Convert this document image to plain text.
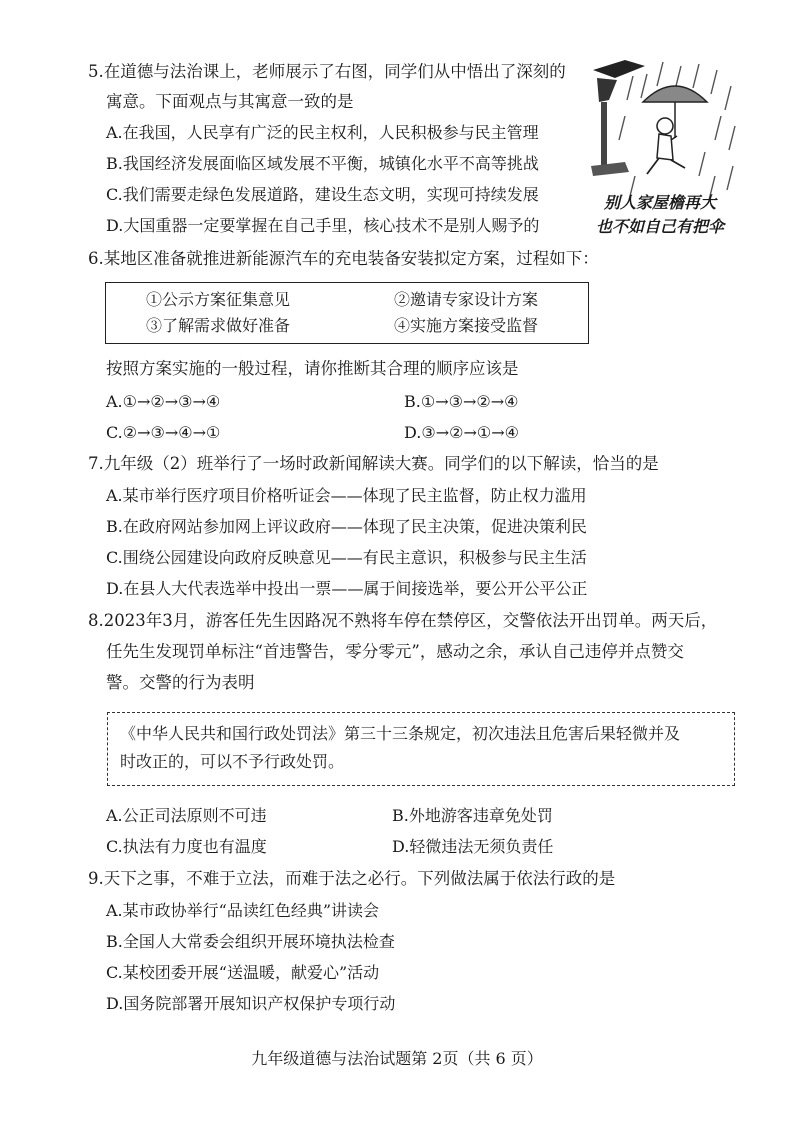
5.在道德与法治课上，老师展示了右图，同学们从中悟出了深刻的
寓意。下面观点与其寓意一致的是
A.在我国，人民享有广泛的民主权利，人民积极参与民主管理
B.我国经济发展面临区域发展不平衡，城镇化水平不高等挑战
C.我们需要走绿色发展道路，建设生态文明，实现可持续发展
D.大国重器一定要掌握在自己手里，核心技术不是别人赐予的
别人家屋檐再大
也不如自己有把伞
6.某地区准备就推进新能源汽车的充电装备安装拟定方案，过程如下：
①公示方案征集意见	②邀请专家设计方案
③了解需求做好准备	④实施方案接受监督
按照方案实施的一般过程，请你推断其合理的顺序应该是
A.①→②→③→④	B.①→③→②→④
C.②→③→④→①	D.③→②→①→④
7.九年级（2）班举行了一场时政新闻解读大赛。同学们的以下解读，恰当的是
A.某市举行医疗项目价格听证会——体现了民主监督，防止权力滥用
B.在政府网站参加网上评议政府——体现了民主决策，促进决策利民
C.围绕公园建设向政府反映意见——有民主意识，积极参与民主生活
D.在县人大代表选举中投出一票——属于间接选举，要公开公平公正
8.2023年3月，游客任先生因路况不熟将车停在禁停区，交警依法开出罚单。两天后，
任先生发现罚单标注“首违警告，零分零元”，感动之余，承认自己违停并点赞交
警。交警的行为表明
《中华人民共和国行政处罚法》第三十三条规定，初次违法且危害后果轻微并及
时改正的，可以不予行政处罚。
A.公正司法原则不可违	B.外地游客违章免处罚
C.执法有力度也有温度	D.轻微违法无须负责任
9.天下之事，不难于立法，而难于法之必行。下列做法属于依法行政的是
A.某市政协举行“品读红色经典”讲读会
B.全国人大常委会组织开展环境执法检查
C.某校团委开展“送温暖，献爱心”活动
D.国务院部署开展知识产权保护专项行动
九年级道德与法治试题第 2页（共 6 页）
